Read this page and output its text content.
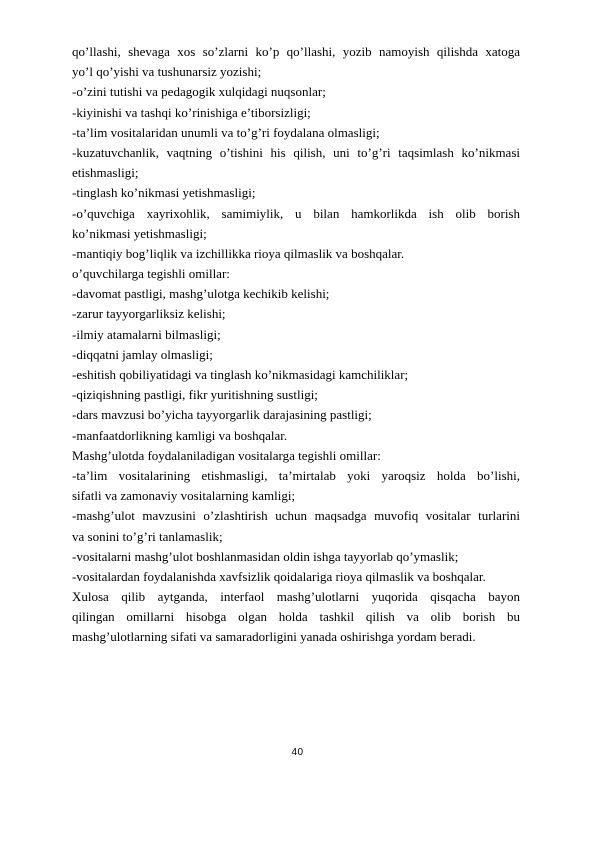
qo’llashi, shevaga xos so’zlarni ko’p qo’llashi, yozib namoyish qilishda xatoga
yo’l qo’yishi va tushunarsiz yozishi;
-o’zini tutishi va pedagogik xulqidagi nuqsonlar;
-kiyinishi va tashqi ko’rinishiga e’tiborsizligi;
-ta’lim vositalaridan unumli va to’g’ri foydalana olmasligi;
-kuzatuvchanlik, vaqtning o’tishini his qilish, uni to’g’ri taqsimlash ko’nikmasi
etishmasligi;
-tinglash ko’nikmasi yetishmasligi;
-o’quvchiga xayrixohlik, samimiylik, u bilan hamkorlikda ish olib borish
ko’nikmasi yetishmasligi;
-mantiqiy bog’liqlik va izchillikka rioya qilmaslik va boshqalar.
o’quvchilarga tegishli omillar:
-davomat pastligi, mashg’ulotga kechikib kelishi;
-zarur tayyorgarliksiz kelishi;
-ilmiy atamalarni bilmasligi;
-diqqatni jamlay olmasligi;
-eshitish qobiliyatidagi va tinglash ko’nikmasidagi kamchiliklar;
-qiziqishning pastligi, fikr yuritishning sustligi;
-dars mavzusi bo’yicha tayyorgarlik darajasining pastligi;
-manfaatdorlikning kamligi va boshqalar.
Mashg’ulotda foydalaniladigan vositalarga tegishli omillar:
-ta’lim vositalarining etishmasligi, ta’mirtalab yoki yaroqsiz holda bo’lishi,
sifatli va zamonaviy vositalarning kamligi;
-mashg’ulot mavzusini o’zlashtirish uchun maqsadga muvofiq vositalar turlarini
va sonini to’g’ri tanlamaslik;
-vositalarni mashg’ulot boshlanmasidan oldin ishga tayyorlab qo’ymaslik;
-vositalardan foydalanishda xavfsizlik qoidalariga rioya qilmaslik va boshqalar.
Xulosa qilib aytganda, interfaol mashg’ulotlarni yuqorida qisqacha bayon
qilingan omillarni hisobga olgan holda tashkil qilish va olib borish bu
mashg’ulotlarning sifati va samaradorligini yanada oshirishga yordam beradi.
40
